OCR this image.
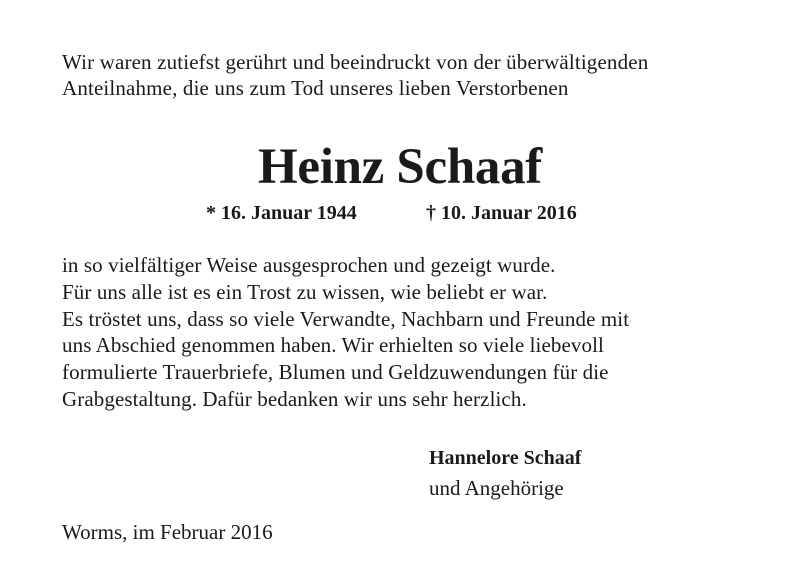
Wir waren zutiefst gerührt und beeindruckt von der überwältigenden
Anteilnahme, die uns zum Tod unseres lieben Verstorbenen
Heinz Schaaf
* 16. Januar 1944	† 10. Januar 2016
in so vielfältiger Weise ausgesprochen und gezeigt wurde.
Für uns alle ist es ein Trost zu wissen, wie beliebt er war.
Es tröstet uns, dass so viele Verwandte, Nachbarn und Freunde mit
uns Abschied genommen haben. Wir erhielten so viele liebevoll
formulierte Trauerbriefe, Blumen und Geldzuwendungen für die
Grabgestaltung. Dafür bedanken wir uns sehr herzlich.
Hannelore Schaaf
und Angehörige
Worms, im Februar 2016
